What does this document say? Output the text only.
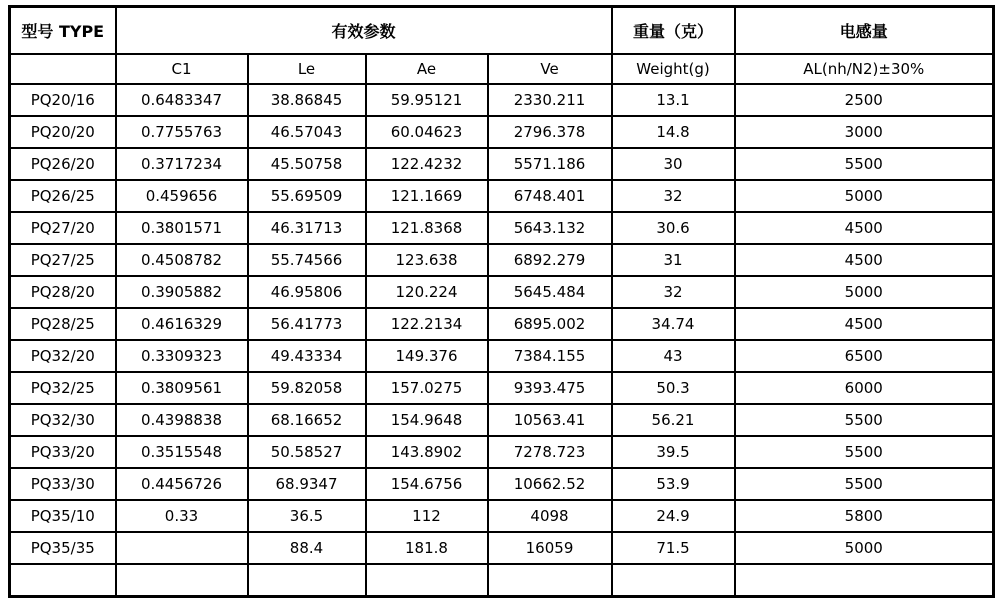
型号 TYPE	有效参数				重量（克）	电感量
	C1	Le	Ae	Ve	Weight(g)	AL(nh/N2)±30%
PQ20/16	0.6483347	38.86845	59.95121	2330.211	13.1	2500
PQ20/20	0.7755763	46.57043	60.04623	2796.378	14.8	3000
PQ26/20	0.3717234	45.50758	122.4232	5571.186	30	5500
PQ26/25	0.459656	55.69509	121.1669	6748.401	32	5000
PQ27/20	0.3801571	46.31713	121.8368	5643.132	30.6	4500
PQ27/25	0.4508782	55.74566	123.638	6892.279	31	4500
PQ28/20	0.3905882	46.95806	120.224	5645.484	32	5000
PQ28/25	0.4616329	56.41773	122.2134	6895.002	34.74	4500
PQ32/20	0.3309323	49.43334	149.376	7384.155	43	6500
PQ32/25	0.3809561	59.82058	157.0275	9393.475	50.3	6000
PQ32/30	0.4398838	68.16652	154.9648	10563.41	56.21	5500
PQ33/20	0.3515548	50.58527	143.8902	7278.723	39.5	5500
PQ33/30	0.4456726	68.9347	154.6756	10662.52	53.9	5500
PQ35/10	0.33	36.5	112	4098	24.9	5800
PQ35/35		88.4	181.8	16059	71.5	5000
